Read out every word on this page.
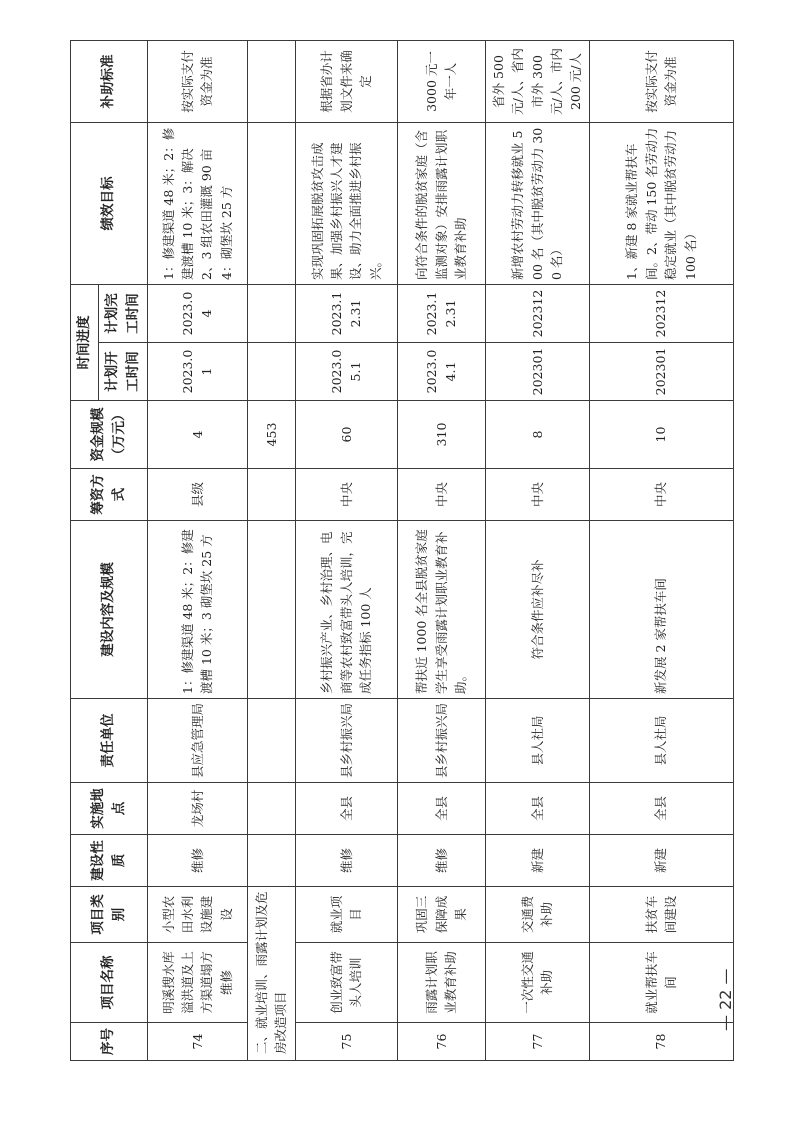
序号	项目名称	项目类别	建设性质	实施地点	责任单位	建设内容及规模	筹资方式	资金规模（万元）	时间进度		绩效目标	补助标准
									计划开工时间	计划完工时间		
74	明溪搜水库溢洪道及上方渠道塌方维修	小型农田水利设施建设	维修	龙场村	县应急管理局	1：修建渠道 48 米；2：修建渡槽 10 米；3 砌堡坎 25 方	县级	4	2023.01	2023.04	1：修建渠道 48 米；2：修建渡槽 10 米；3：解决 2、3 组农田灌溉 90 亩 4：砌堡坎 25 方	按实际支付资金为准
二、就业培训、雨露计划及危房改造项目								453				
75	创业致富带头人培训	就业项目	维修	全县	县乡村振兴局	乡村振兴产业、乡村治理、电商等农村致富带头人培训，完成任务指标 100 人	中央	60	2023.05.1	2023.12.31	实现巩固拓展脱贫攻击成果、加强乡村振兴人才建设、助力全面推进乡村振兴。	根据省办计划文件来确定
76	雨露计划职业教育补助	巩固三保障成果	维修	全县	县乡村振兴局	帮扶近 1000 名全县脱贫家庭学生享受雨露计划职业教育补助。	中央	310	2023.04.1	2023.12.31	向符合条件的脱贫家庭（含监测对象）安排雨露计划职业教育补助	3000 元一年一人
77	一次性交通补助	交通费补助	新建	全县	县人社局	符合条件应补尽补	中央	8	202301	202312	新增农村劳动力转移就业 500 名（其中脱贫劳动力 300 名）	省外 500 元/人、省内市外 300 元/人、市内 200 元/人
78	就业帮扶车间	扶贫车间建设	新建	全县	县人社局	新发展 2 家帮扶车间	中央	10	202301	202312	1、新建 8 家就业帮扶车间。2、带动 150 名劳动力稳定就业（其中脱贫劳动力 100 名）	按实际支付资金为准
— 22 —
